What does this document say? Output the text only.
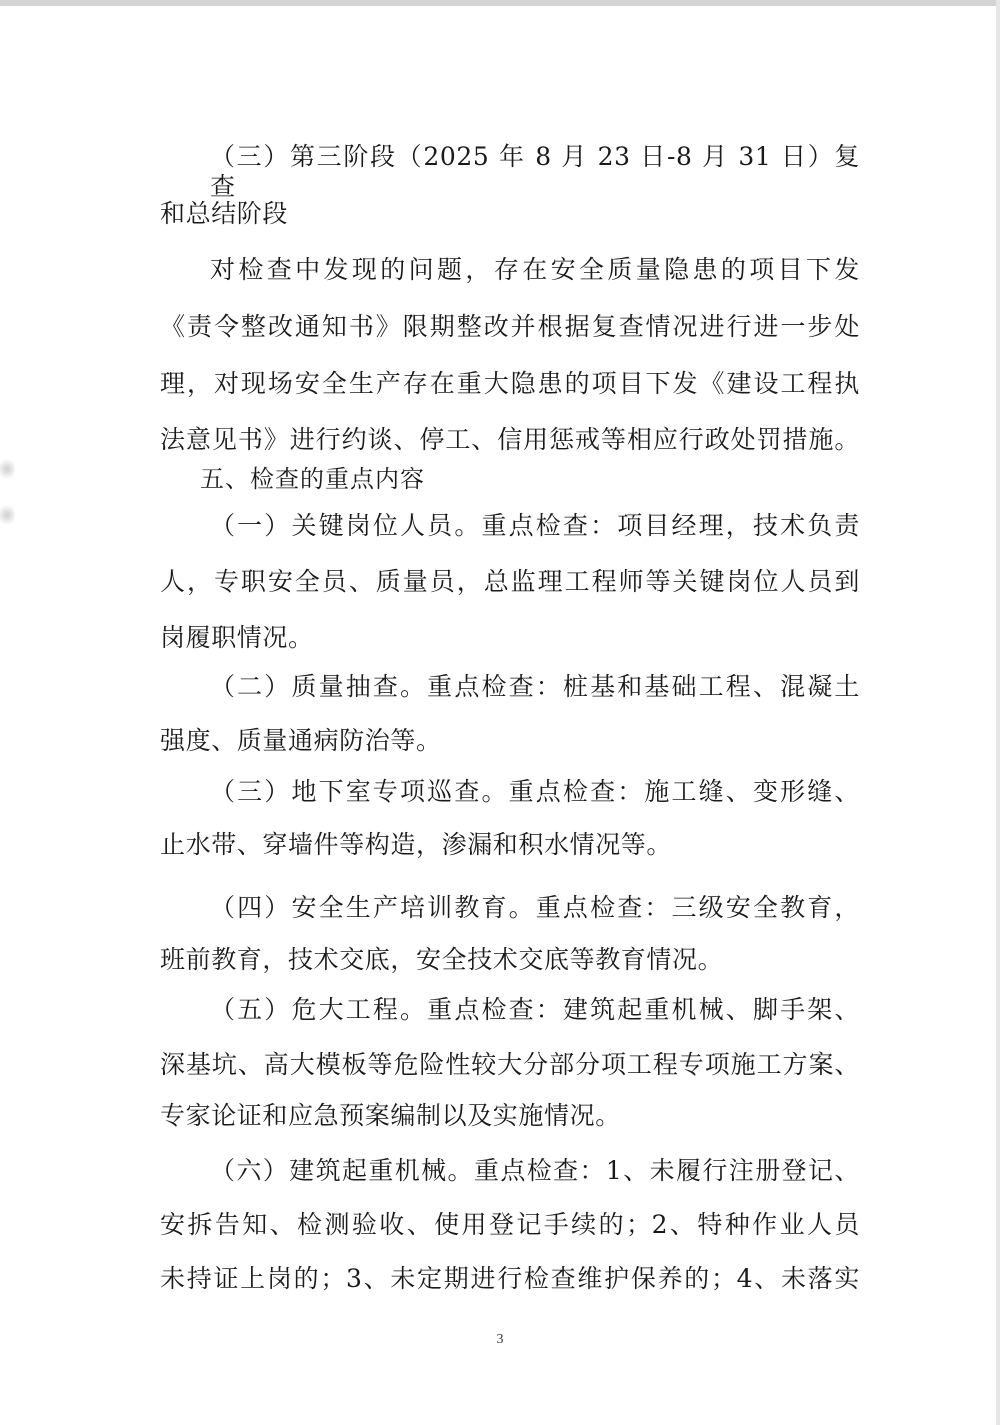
（三）第三阶段（2025 年 8 月 23 日-8 月 31 日）复查
和总结阶段
对检查中发现的问题，存在安全质量隐患的项目下发
《责令整改通知书》限期整改并根据复查情况进行进一步处
理，对现场安全生产存在重大隐患的项目下发《建设工程执
法意见书》进行约谈、停工、信用惩戒等相应行政处罚措施。
五、检查的重点内容
（一）关键岗位人员。重点检查：项目经理，技术负责
人，专职安全员、质量员，总监理工程师等关键岗位人员到
岗履职情况。
（二）质量抽查。重点检查：桩基和基础工程、混凝土
强度、质量通病防治等。
（三）地下室专项巡查。重点检查：施工缝、变形缝、
止水带、穿墙件等构造，渗漏和积水情况等。
（四）安全生产培训教育。重点检查：三级安全教育，
班前教育，技术交底，安全技术交底等教育情况。
（五）危大工程。重点检查：建筑起重机械、脚手架、
深基坑、高大模板等危险性较大分部分项工程专项施工方案、
专家论证和应急预案编制以及实施情况。
（六）建筑起重机械。重点检查：1、未履行注册登记、
安拆告知、检测验收、使用登记手续的；2、特种作业人员
未持证上岗的；3、未定期进行检查维护保养的；4、未落实
3
